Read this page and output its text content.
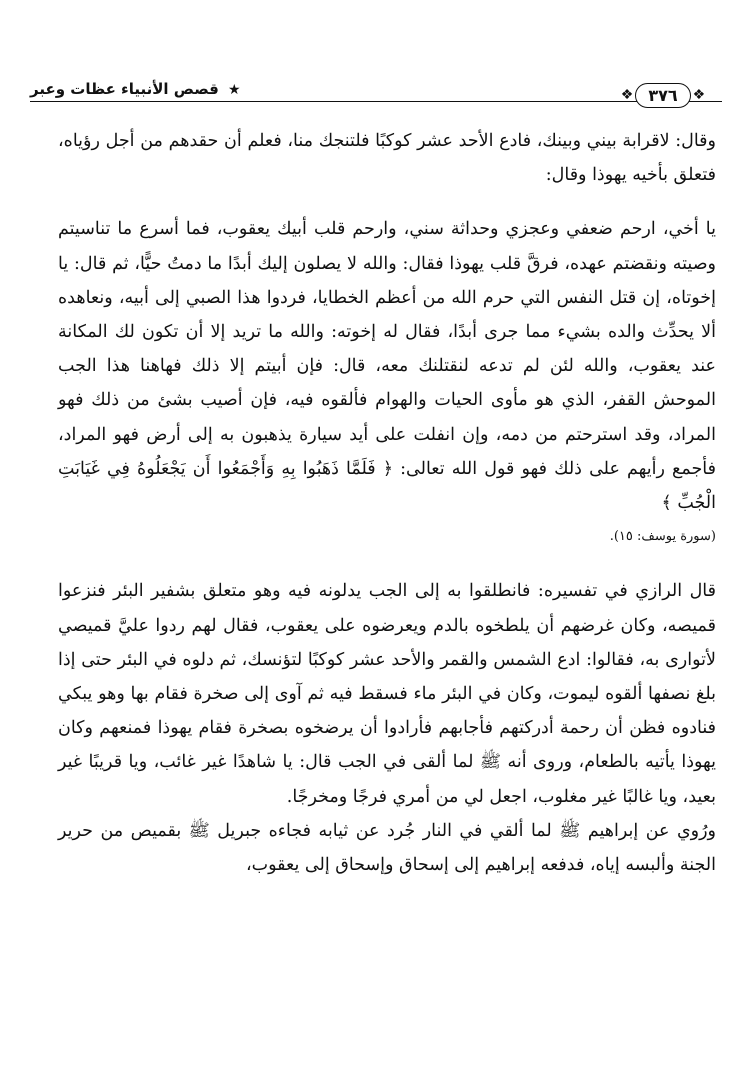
★ قصص الأنبياء عظات وعبر	❖ ٣٧٦	❖

وقال: لاقرابة بيني وبينك، فادع الأحد عشر كوكبًا فلتنجك منا، فعلم أن حقدهم من أجل رؤياه، فتعلق بأخيه يهوذا وقال:

يا أخي، ارحم ضعفي وعجزي وحداثة سني، وارحم قلب أبيك يعقوب، فما أسرع ما تناسيتم وصيته ونقضتم عهده، فرقَّ قلب يهوذا فقال: والله لا يصلون إليك أبدًا ما دمتُ حيًّا، ثم قال: يا إخوتاه، إن قتل النفس التي حرم الله من أعظم الخطايا، فردوا هذا الصبي إلى أبيه، ونعاهده ألا يحدِّث والده بشيء مما جرى أبدًا، فقال له إخوته: والله ما تريد إلا أن تكون لك المكانة عند يعقوب، والله لئن لم تدعه لنقتلنك معه، قال: فإن أبيتم إلا ذلك فهاهنا هذا الجب الموحش القفر، الذي هو مأوى الحيات والهوام فألقوه فيه، فإن أصيب بشئ من ذلك فهو المراد، وقد استرحتم من دمه، وإن انفلت على أيد سيارة يذهبون به إلى أرض فهو المراد، فأجمع رأيهم على ذلك فهو قول الله تعالى: ﴿ فَلَمَّا ذَهَبُوا بِهِ وَأَجْمَعُوا أَن يَجْعَلُوهُ فِي غَيَابَتِ الْجُبِّ ﴾

(سورة يوسف: ١٥).

قال الرازي في تفسيره: فانطلقوا به إلى الجب يدلونه فيه وهو متعلق بشفير البئر فنزعوا قميصه، وكان غرضهم أن يلطخوه بالدم ويعرضوه على يعقوب، فقال لهم ردوا عليَّ قميصي لأتوارى به، فقالوا: ادع الشمس والقمر والأحد عشر كوكبًا لتؤنسك، ثم دلوه في البئر حتى إذا بلغ نصفها ألقوه ليموت، وكان في البئر ماء فسقط فيه ثم آوى إلى صخرة فقام بها وهو يبكي فنادوه فظن أن رحمة أدركتهم فأجابهم فأرادوا أن يرضخوه بصخرة فقام يهوذا فمنعهم وكان يهوذا يأتيه بالطعام، وروى أنه ﷺ لما ألقى في الجب قال: يا شاهدًا غير غائب، ويا قريبًا غير بعيد، ويا غالبًا غير مغلوب، اجعل لي من أمري فرجًا ومخرجًا.

ورُوي عن إبراهيم ﷺ لما ألقي في النار جُرد عن ثيابه فجاءه جبريل ﷺ بقميص من حرير الجنة وألبسه إياه، فدفعه إبراهيم إلى إسحاق وإسحاق إلى يعقوب،
